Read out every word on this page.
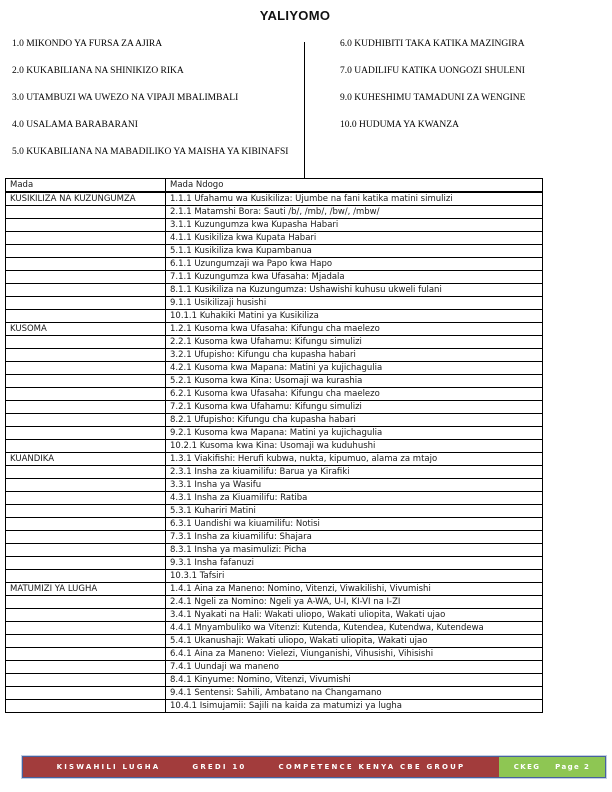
YALIYOMO
1.0 MIKONDO YA FURSA ZA AJIRA
2.0 KUKABILIANA NA SHINIKIZO RIKA
3.0 UTAMBUZI WA UWEZO NA VIPAJI MBALIMBALI
4.0 USALAMA BARABARANI
5.0 KUKABILIANA NA MABADILIKO YA MAISHA YA KIBINAFSI
6.0 KUDHIBITI TAKA KATIKA MAZINGIRA
7.0 UADILIFU KATIKA UONGOZI SHULENI
9.0 KUHESHIMU TAMADUNI ZA WENGINE
10.0 HUDUMA YA KWANZA
Mada	Mada Ndogo
KUSIKILIZA NA KUZUNGUMZA	1.1.1 Ufahamu wa Kusikiliza: Ujumbe na fani katika matini simulizi
	2.1.1 Matamshi Bora: Sauti /b/, /mb/, /bw/, /mbw/
	3.1.1 Kuzungumza kwa Kupasha Habari
	4.1.1 Kusikiliza kwa Kupata Habari
	5.1.1 Kusikiliza kwa Kupambanua
	6.1.1 Uzungumzaji wa Papo kwa Hapo
	7.1.1 Kuzungumza kwa Ufasaha: Mjadala
	8.1.1 Kusikiliza na Kuzungumza: Ushawishi kuhusu ukweli fulani
	9.1.1 Usikilizaji husishi
	10.1.1 Kuhakiki Matini ya Kusikiliza
KUSOMA	1.2.1 Kusoma kwa Ufasaha: Kifungu cha maelezo
	2.2.1 Kusoma kwa Ufahamu: Kifungu simulizi
	3.2.1 Ufupisho: Kifungu cha kupasha habari
	4.2.1 Kusoma kwa Mapana: Matini ya kujichagulia
	5.2.1 Kusoma kwa Kina: Usomaji wa kurashia
	6.2.1 Kusoma kwa Ufasaha: Kifungu cha maelezo
	7.2.1 Kusoma kwa Ufahamu: Kifungu simulizi
	8.2.1 Ufupisho: Kifungu cha kupasha habari
	9.2.1 Kusoma kwa Mapana: Matini ya kujichagulia
	10.2.1 Kusoma kwa Kina: Usomaji wa kuduhushi
KUANDIKA	1.3.1 Viakifishi: Herufi kubwa, nukta, kipumuo, alama za mtajo
	2.3.1 Insha za kiuamilifu: Barua ya Kirafiki
	3.3.1 Insha ya Wasifu
	4.3.1 Insha za Kiuamilifu: Ratiba
	5.3.1 Kuhariri Matini
	6.3.1 Uandishi wa kiuamilifu: Notisi
	7.3.1 Insha za kiuamilifu: Shajara
	8.3.1 Insha ya masimulizi: Picha
	9.3.1 Insha fafanuzi
	10.3.1 Tafsiri
MATUMIZI YA LUGHA	1.4.1 Aina za Maneno: Nomino, Vitenzi, Viwakilishi, Vivumishi
	2.4.1 Ngeli za Nomino: Ngeli ya A-WA, U-I, KI-VI na I-ZI
	3.4.1 Nyakati na Hali: Wakati uliopo, Wakati uliopita, Wakati ujao
	4.4.1 Mnyambuliko wa Vitenzi: Kutenda, Kutendea, Kutendwa, Kutendewa
	5.4.1 Ukanushaji: Wakati uliopo, Wakati uliopita, Wakati ujao
	6.4.1 Aina za Maneno: Vielezi, Viunganishi, Vihusishi, Vihisishi
	7.4.1 Uundaji wa maneno
	8.4.1 Kinyume: Nomino, Vitenzi, Vivumishi
	9.4.1 Sentensi: Sahili, Ambatano na Changamano
	10.4.1 Isimujamii: Sajili na kaida za matumizi ya lugha
KISWAHILI LUGHA	GREDI 10	COMPETENCE KENYA CBE GROUP	CKEG Page 2
